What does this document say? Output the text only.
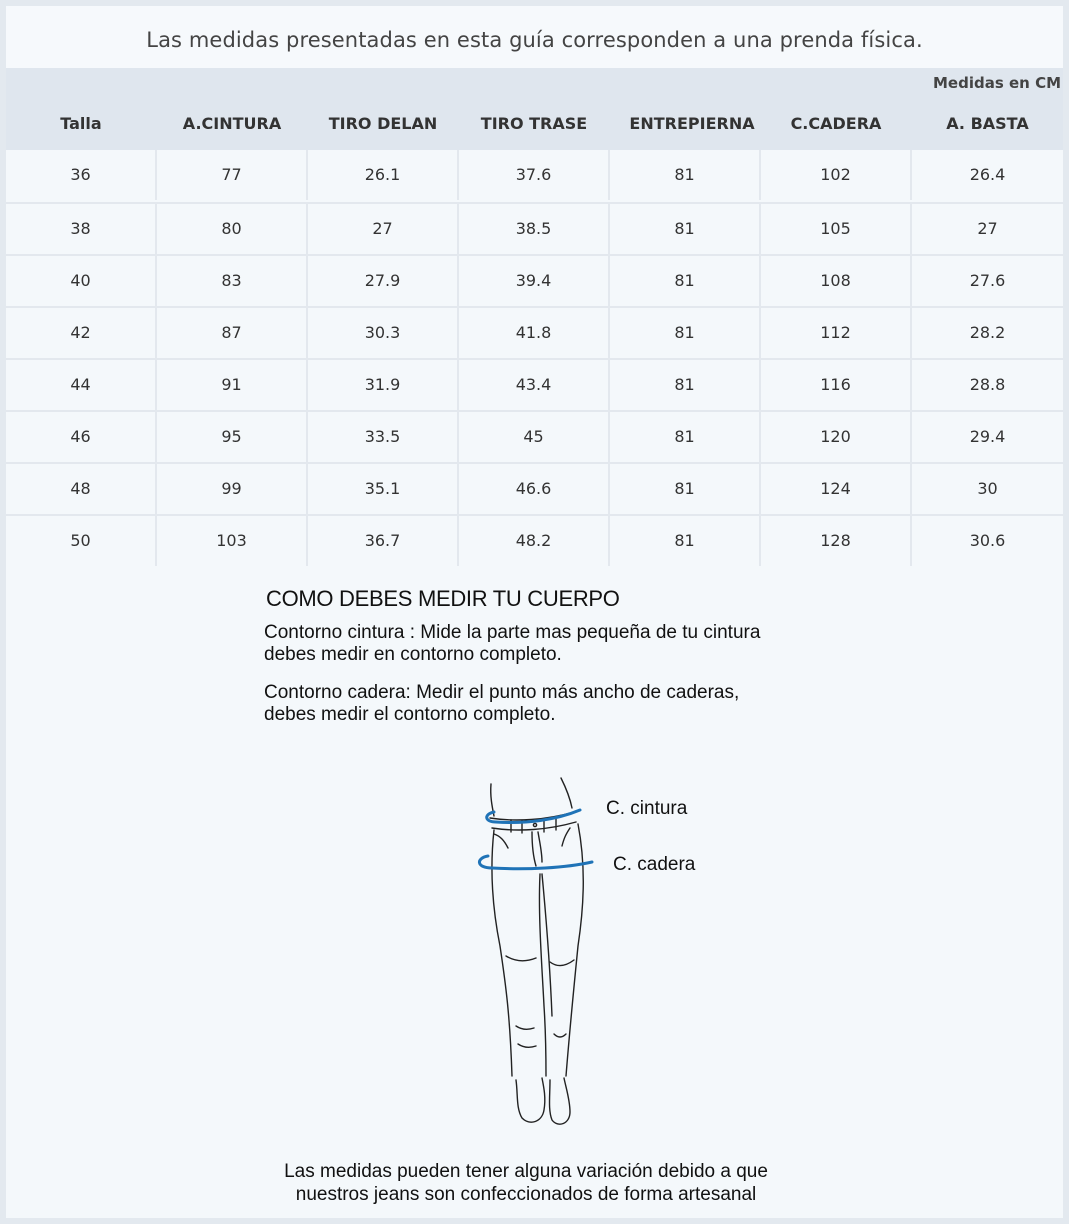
Las medidas presentadas en esta guía corresponden a una prenda física.
Medidas en CM
Talla	A.CINTURA	TIRO DELAN	TIRO TRASE	ENTREPIERNA	C.CADERA	A. BASTA
36	77	26.1	37.6	81	102	26.4
38	80	27	38.5	81	105	27
40	83	27.9	39.4	81	108	27.6
42	87	30.3	41.8	81	112	28.2
44	91	31.9	43.4	81	116	28.8
46	95	33.5	45	81	120	29.4
48	99	35.1	46.6	81	124	30
50	103	36.7	48.2	81	128	30.6
COMO DEBES MEDIR TU CUERPO
Contorno cintura : Mide la parte mas pequeña de tu cintura
debes medir en contorno completo.
Contorno cadera: Medir el punto más ancho de caderas,
debes medir el contorno completo.
C. cintura
C. cadera
Las medidas pueden tener alguna variación debido a que
nuestros jeans son confeccionados de forma artesanal
